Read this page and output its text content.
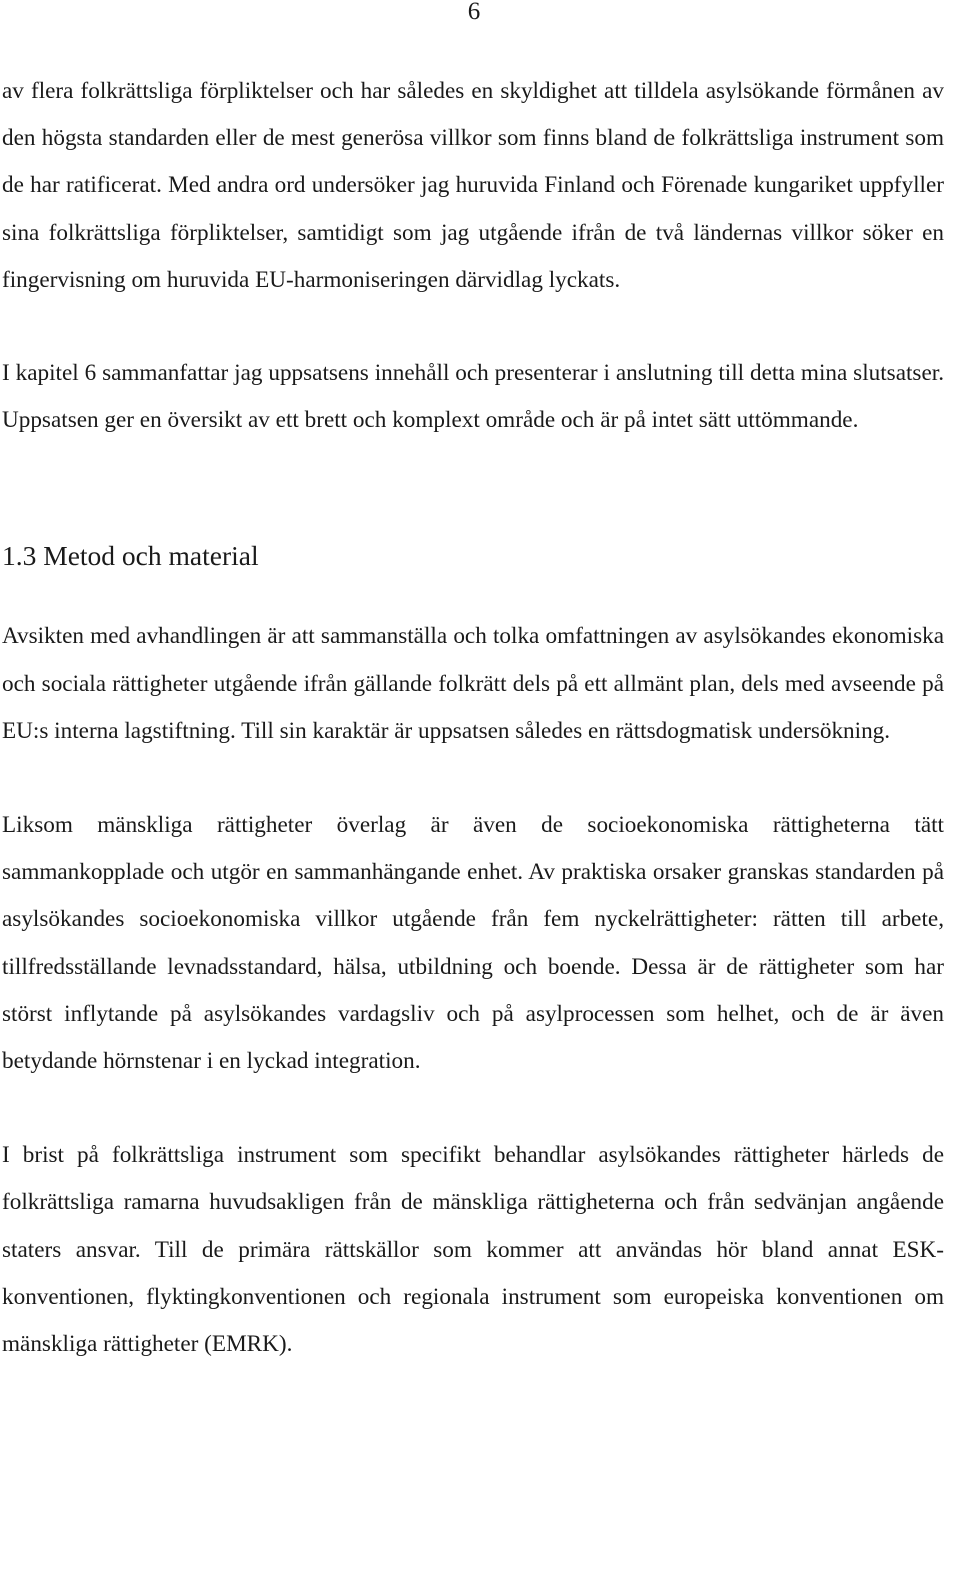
6

av flera folkrättsliga förpliktelser och har således en skyldighet att tilldela asylsökande förmånen av den högsta standarden eller de mest generösa villkor som finns bland de folkrättsliga instrument som de har ratificerat. Med andra ord undersöker jag huruvida Finland och Förenade kungariket uppfyller sina folkrättsliga förpliktelser, samtidigt som jag utgående ifrån de två ländernas villkor söker en fingervisning om huruvida EU-harmoniseringen därvidlag lyckats.

I kapitel 6 sammanfattar jag uppsatsens innehåll och presenterar i anslutning till detta mina slutsatser. Uppsatsen ger en översikt av ett brett och komplext område och är på intet sätt uttömmande.

1.3 Metod och material

Avsikten med avhandlingen är att sammanställa och tolka omfattningen av asylsökandes ekonomiska och sociala rättigheter utgående ifrån gällande folkrätt dels på ett allmänt plan, dels med avseende på EU:s interna lagstiftning. Till sin karaktär är uppsatsen således en rättsdogmatisk undersökning.

Liksom mänskliga rättigheter överlag är även de socioekonomiska rättigheterna tätt sammankopplade och utgör en sammanhängande enhet. Av praktiska orsaker granskas standarden på asylsökandes socioekonomiska villkor utgående från fem nyckelrättigheter: rätten till arbete, tillfredsställande levnadsstandard, hälsa, utbildning och boende. Dessa är de rättigheter som har störst inflytande på asylsökandes vardagsliv och på asylprocessen som helhet, och de är även betydande hörnstenar i en lyckad integration.

I brist på folkrättsliga instrument som specifikt behandlar asylsökandes rättigheter härleds de folkrättsliga ramarna huvudsakligen från de mänskliga rättigheterna och från sedvänjan angående staters ansvar. Till de primära rättskällor som kommer att användas hör bland annat ESK-konventionen, flyktingkonventionen och regionala instrument som europeiska konventionen om mänskliga rättigheter (EMRK).
